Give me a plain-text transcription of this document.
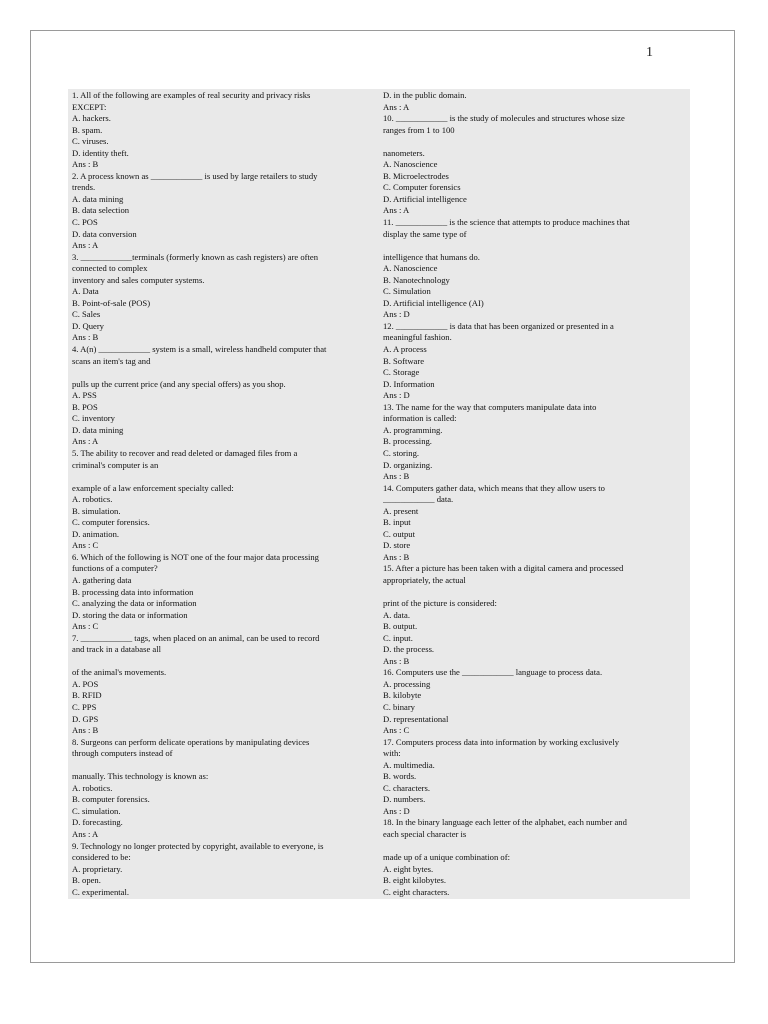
1
1. All of the following are examples of real security and privacy risks
EXCEPT:
A. hackers.
B. spam.
C. viruses.
D. identity theft.
Ans : B
2. A process known as ____________ is used by large retailers to study
trends.
A. data mining
B. data selection
C. POS
D. data conversion
Ans : A
3. ____________terminals (formerly known as cash registers) are often
connected to complex
inventory and sales computer systems.
A. Data
B. Point-of-sale (POS)
C. Sales
D. Query
Ans : B
4. A(n) ____________ system is a small, wireless handheld computer that
scans an item's tag and
pulls up the current price (and any special offers) as you shop.
A. PSS
B. POS
C. inventory
D. data mining
Ans : A
5. The ability to recover and read deleted or damaged files from a
criminal's computer is an
example of a law enforcement specialty called:
A. robotics.
B. simulation.
C. computer forensics.
D. animation.
Ans : C
6. Which of the following is NOT one of the four major data processing
functions of a computer?
A. gathering data
B. processing data into information
C. analyzing the data or information
D. storing the data or information
Ans : C
7. ____________ tags, when placed on an animal, can be used to record
and track in a database all
of the animal's movements.
A. POS
B. RFID
C. PPS
D. GPS
Ans : B
8. Surgeons can perform delicate operations by manipulating devices
through computers instead of
manually. This technology is known as:
A. robotics.
B. computer forensics.
C. simulation.
D. forecasting.
Ans : A
9. Technology no longer protected by copyright, available to everyone, is
considered to be:
A. proprietary.
B. open.
C. experimental.
D. in the public domain.
Ans : A
10. ____________ is the study of molecules and structures whose size
ranges from 1 to 100
nanometers.
A. Nanoscience
B. Microelectrodes
C. Computer forensics
D. Artificial intelligence
Ans : A
11. ____________ is the science that attempts to produce machines that
display the same type of
intelligence that humans do.
A. Nanoscience
B. Nanotechnology
C. Simulation
D. Artificial intelligence (AI)
Ans : D
12. ____________ is data that has been organized or presented in a
meaningful fashion.
A. A process
B. Software
C. Storage
D. Information
Ans : D
13. The name for the way that computers manipulate data into
information is called:
A. programming.
B. processing.
C. storing.
D. organizing.
Ans : B
14. Computers gather data, which means that they allow users to
____________ data.
A. present
B. input
C. output
D. store
Ans : B
15. After a picture has been taken with a digital camera and processed
appropriately, the actual
print of the picture is considered:
A. data.
B. output.
C. input.
D. the process.
Ans : B
16. Computers use the ____________ language to process data.
A. processing
B. kilobyte
C. binary
D. representational
Ans : C
17. Computers process data into information by working exclusively
with:
A. multimedia.
B. words.
C. characters.
D. numbers.
Ans : D
18. In the binary language each letter of the alphabet, each number and
each special character is
made up of a unique combination of:
A. eight bytes.
B. eight kilobytes.
C. eight characters.
